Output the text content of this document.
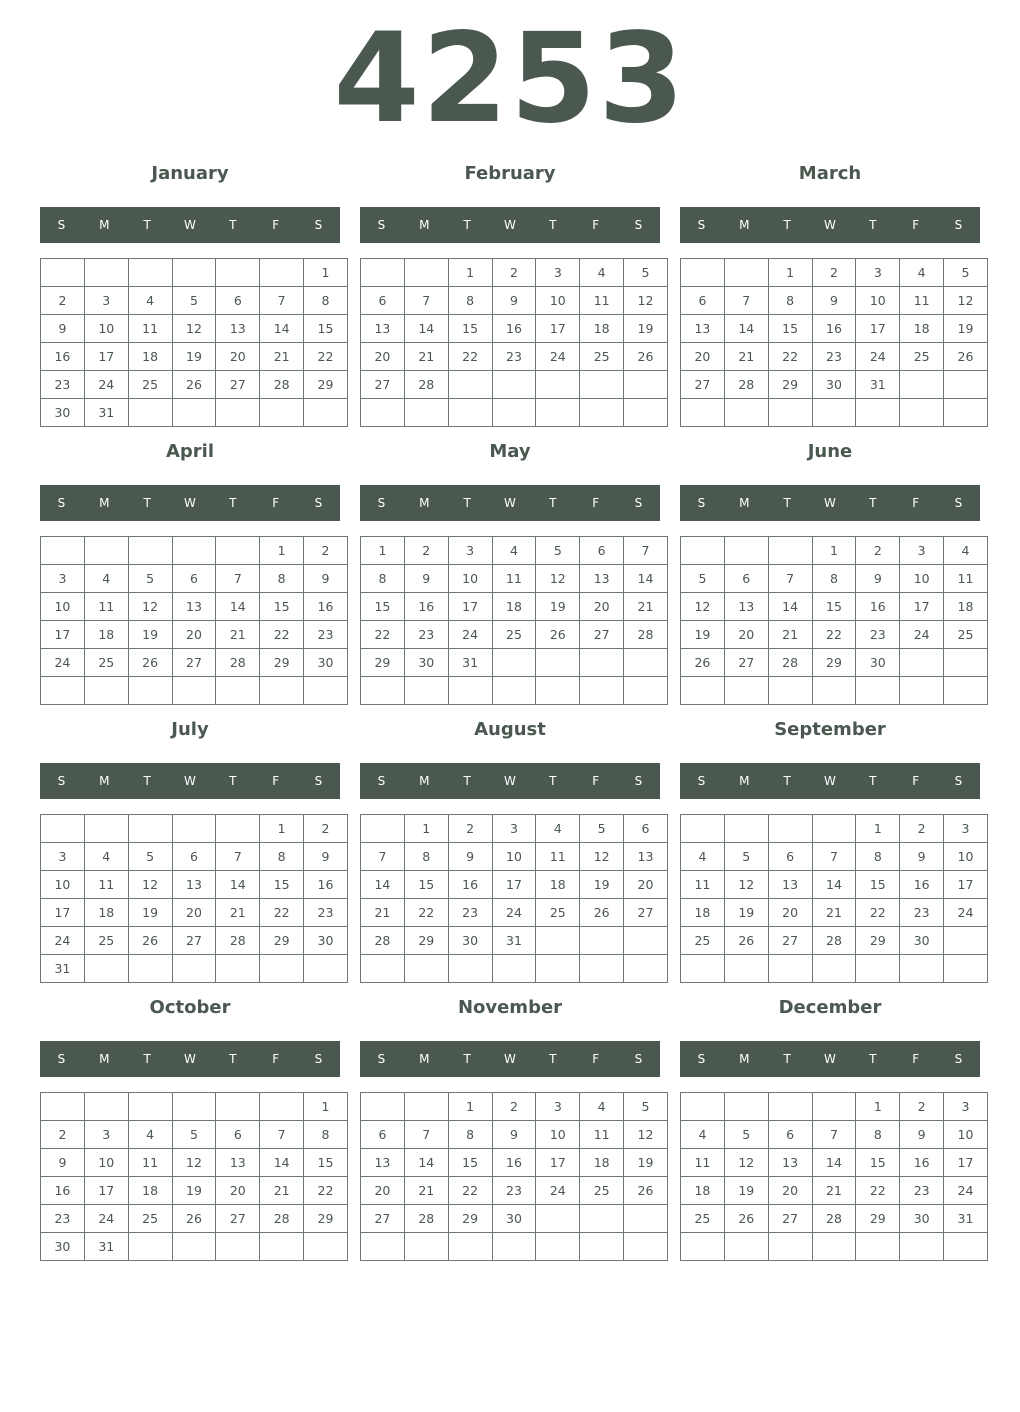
4253
January
S	M	T	W	T	F	S
						1
2	3	4	5	6	7	8
9	10	11	12	13	14	15
16	17	18	19	20	21	22
23	24	25	26	27	28	29
30	31					
February
S	M	T	W	T	F	S
		1	2	3	4	5
6	7	8	9	10	11	12
13	14	15	16	17	18	19
20	21	22	23	24	25	26
27	28					

March
S	M	T	W	T	F	S
		1	2	3	4	5
6	7	8	9	10	11	12
13	14	15	16	17	18	19
20	21	22	23	24	25	26
27	28	29	30	31		

April
S	M	T	W	T	F	S
					1	2
3	4	5	6	7	8	9
10	11	12	13	14	15	16
17	18	19	20	21	22	23
24	25	26	27	28	29	30

May
S	M	T	W	T	F	S
1	2	3	4	5	6	7
8	9	10	11	12	13	14
15	16	17	18	19	20	21
22	23	24	25	26	27	28
29	30	31				

June
S	M	T	W	T	F	S
			1	2	3	4
5	6	7	8	9	10	11
12	13	14	15	16	17	18
19	20	21	22	23	24	25
26	27	28	29	30		

July
S	M	T	W	T	F	S
					1	2
3	4	5	6	7	8	9
10	11	12	13	14	15	16
17	18	19	20	21	22	23
24	25	26	27	28	29	30
31						
August
S	M	T	W	T	F	S
	1	2	3	4	5	6
7	8	9	10	11	12	13
14	15	16	17	18	19	20
21	22	23	24	25	26	27
28	29	30	31			

September
S	M	T	W	T	F	S
				1	2	3
4	5	6	7	8	9	10
11	12	13	14	15	16	17
18	19	20	21	22	23	24
25	26	27	28	29	30	

October
S	M	T	W	T	F	S
						1
2	3	4	5	6	7	8
9	10	11	12	13	14	15
16	17	18	19	20	21	22
23	24	25	26	27	28	29
30	31					
November
S	M	T	W	T	F	S
		1	2	3	4	5
6	7	8	9	10	11	12
13	14	15	16	17	18	19
20	21	22	23	24	25	26
27	28	29	30			

December
S	M	T	W	T	F	S
				1	2	3
4	5	6	7	8	9	10
11	12	13	14	15	16	17
18	19	20	21	22	23	24
25	26	27	28	29	30	31
